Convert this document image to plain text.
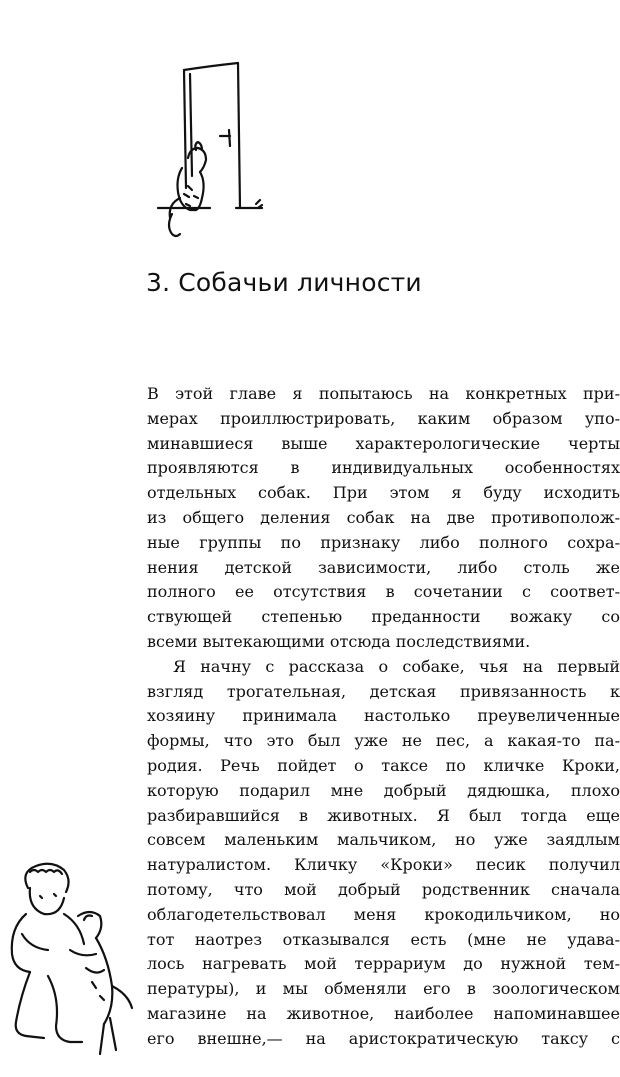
3. Собачьи личности
В этой главе я попытаюсь на конкретных при-
мерах проиллюстрировать, каким образом упо-
минавшиеся выше характерологические черты
проявляются в индивидуальных особенностях
отдельных собак. При этом я буду исходить
из общего деления собак на две противополож-
ные группы по признаку либо полного сохра-
нения детской зависимости, либо столь же
полного ее отсутствия в сочетании с соответ-
ствующей степенью преданности вожаку со
всеми вытекающими отсюда последствиями.
Я начну с рассказа о собаке, чья на первый
взгляд трогательная, детская привязанность к
хозяину принимала настолько преувеличенные
формы, что это был уже не пес, а какая-то па-
родия. Речь пойдет о таксе по кличке Кроки,
которую подарил мне добрый дядюшка, плохо
разбиравшийся в животных. Я был тогда еще
совсем маленьким мальчиком, но уже заядлым
натуралистом. Кличку «Кроки» песик получил
потому, что мой добрый родственник сначала
облагодетельствовал меня крокодильчиком, но
тот наотрез отказывался есть (мне не удава-
лось нагревать мой террариум до нужной тем-
пературы), и мы обменяли его в зоологическом
магазине на животное, наиболее напоминавшее
его внешне,— на аристократическую таксу с
